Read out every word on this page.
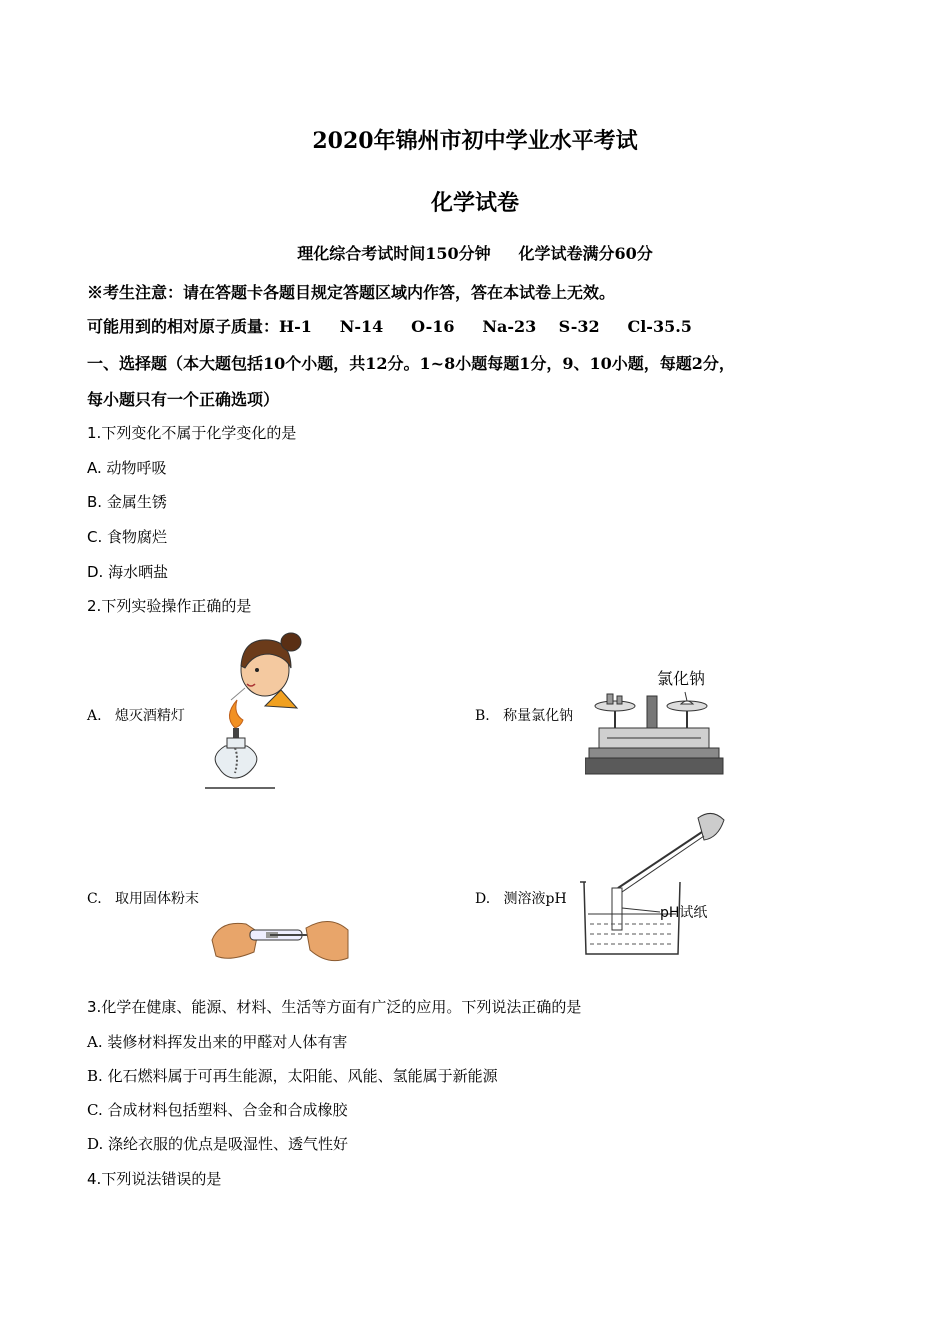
2020年锦州市初中学业水平考试
化学试卷
理化综合考试时间150分钟     化学试卷满分60分
※考生注意：请在答题卡各题目规定答题区域内作答，答在本试卷上无效。
可能用到的相对原子质量：H-1     N-14     O-16     Na-23    S-32     Cl-35.5
一、选择题（本大题包括10个小题，共12分。1~8小题每题1分，9、10小题，每题2分，
每小题只有一个正确选项）
1.下列变化不属于化学变化的是
A. 动物呼吸
B. 金属生锈
C. 食物腐烂
D. 海水晒盐
2.下列实验操作正确的是
A. 熄灭酒精灯	B. 称量氯化钠
氯化钠
C. 取用固体粉末	D. 测溶液pH
pH试纸
3.化学在健康、能源、材料、生活等方面有广泛的应用。下列说法正确的是
A. 装修材料挥发出来的甲醛对人体有害
B. 化石燃料属于可再生能源，太阳能、风能、氢能属于新能源
C. 合成材料包括塑料、合金和合成橡胶
D. 涤纶衣服的优点是吸湿性、透气性好
4.下列说法错误的是
